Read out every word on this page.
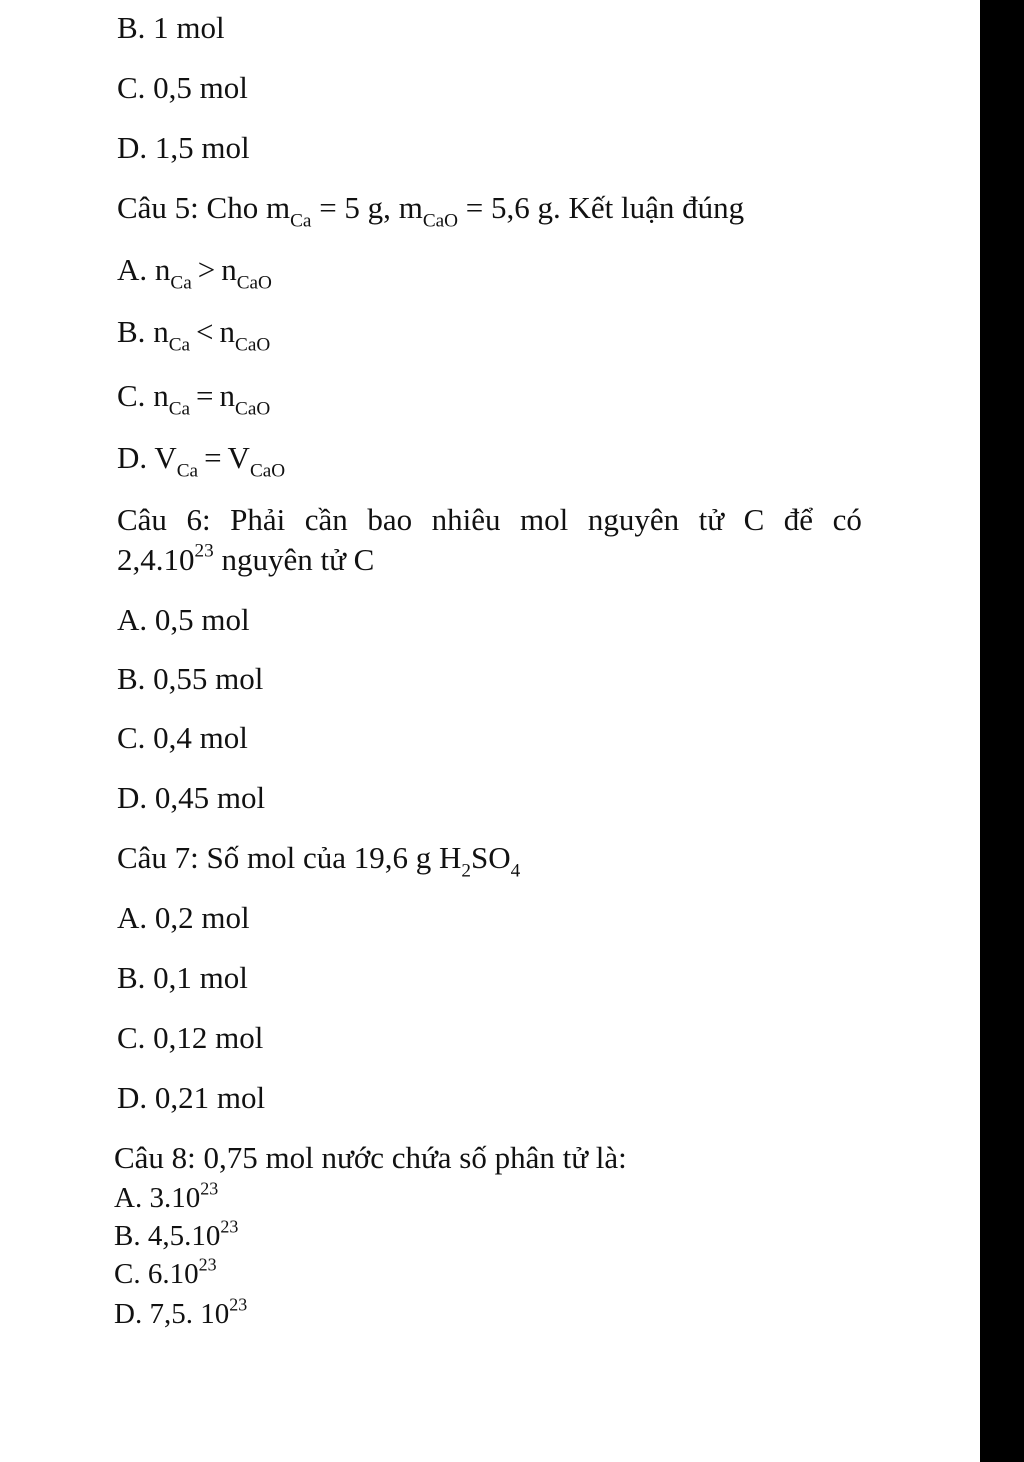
B. 1 mol
C. 0,5 mol
D. 1,5 mol
Câu 5: Cho $m_{Ca} = 5$ g, $m_{CaO} = 5,6$ g. Kết luận đúng
A. $n_{Ca} > n_{CaO}$
B. $n_{Ca} < n_{CaO}$
C. $n_{Ca} = n_{CaO}$
D. $V_{Ca} = V_{CaO}$
Câu 6: Phải cần bao nhiêu mol nguyên tử C để có
2,4.10$^{23}$ nguyên tử C
A. 0,5 mol
B. 0,55 mol
C. 0,4 mol
D. 0,45 mol
Câu 7: Số mol của 19,6 g $H_2SO_4$
A. 0,2 mol
B. 0,1 mol
C. 0,12 mol
D. 0,21 mol
Câu 8: 0,75 mol nước chứa số phân tử là:
A. 3.10$^{23}$
B. 4,5.10$^{23}$
C. 6.10$^{23}$
D. 7,5. $10^{23}$
